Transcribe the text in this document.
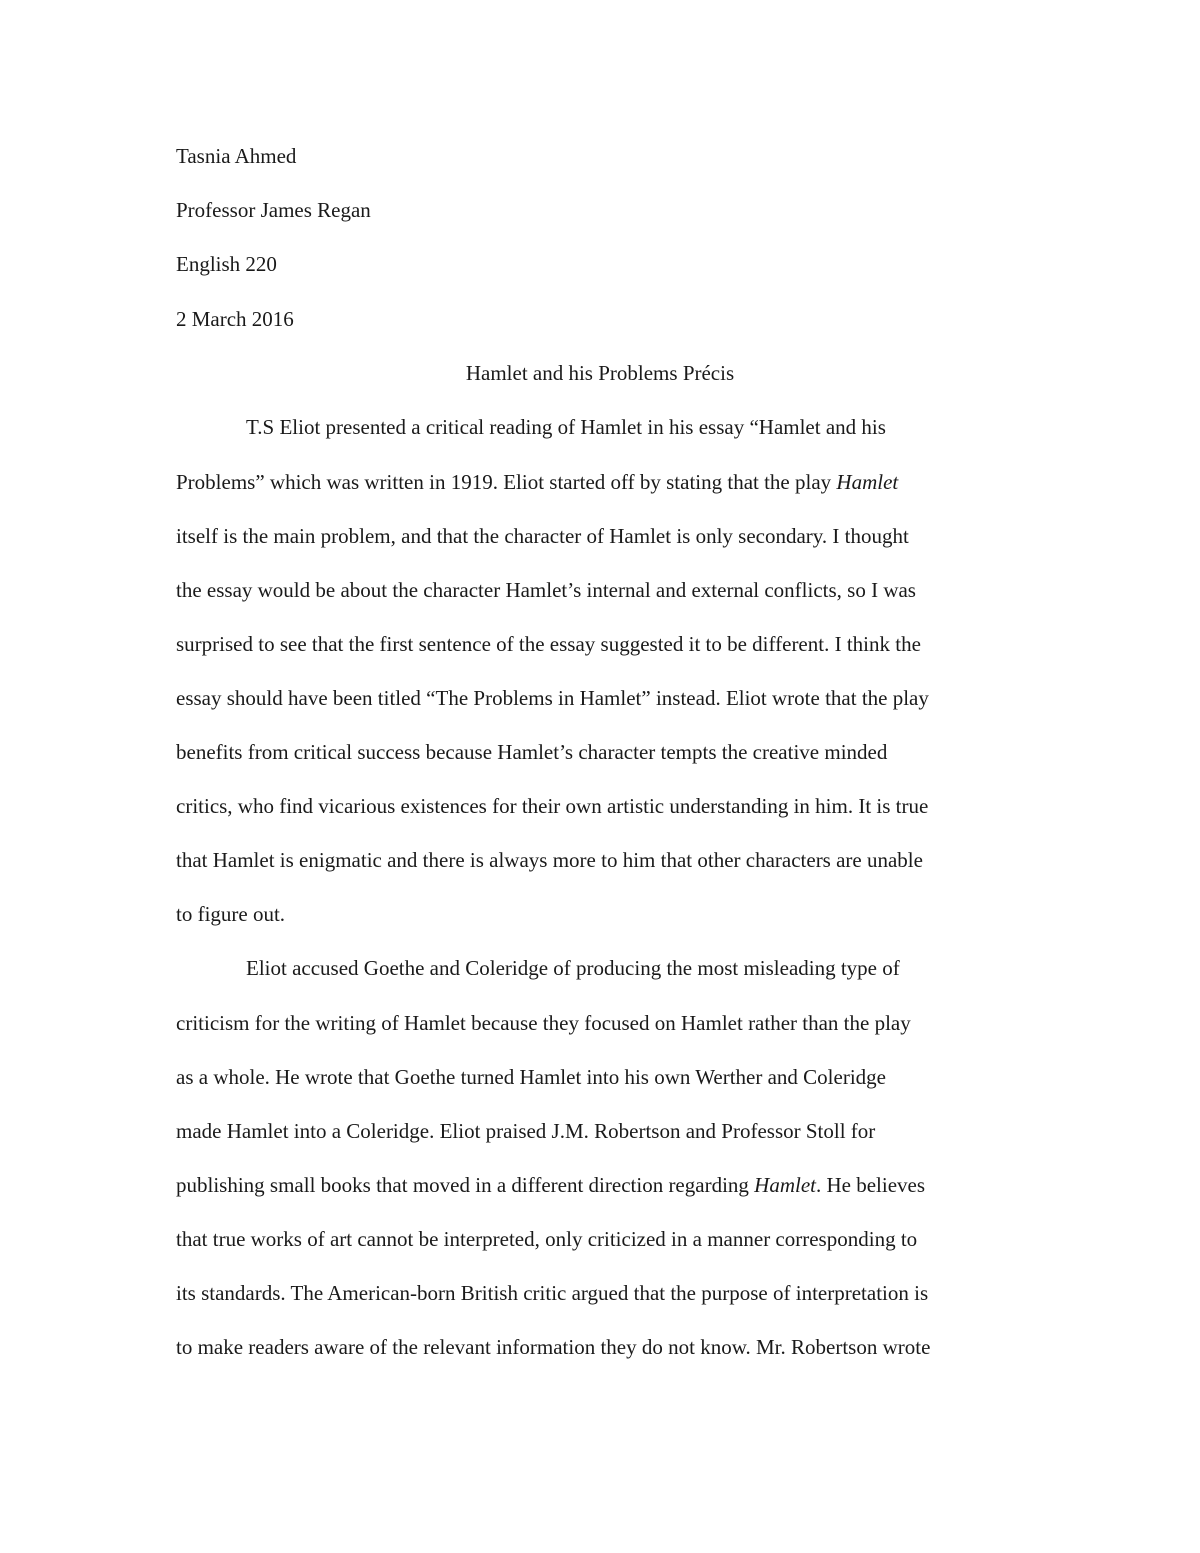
Tasnia Ahmed
Professor James Regan
English 220
2 March 2016
Hamlet and his Problems Précis
T.S Eliot presented a critical reading of Hamlet in his essay “Hamlet and his
Problems” which was written in 1919. Eliot started off by stating that the play Hamlet
itself is the main problem, and that the character of Hamlet is only secondary. I thought
the essay would be about the character Hamlet’s internal and external conflicts, so I was
surprised to see that the first sentence of the essay suggested it to be different. I think the
essay should have been titled “The Problems in Hamlet” instead. Eliot wrote that the play
benefits from critical success because Hamlet’s character tempts the creative minded
critics, who find vicarious existences for their own artistic understanding in him. It is true
that Hamlet is enigmatic and there is always more to him that other characters are unable
to figure out.
Eliot accused Goethe and Coleridge of producing the most misleading type of
criticism for the writing of Hamlet because they focused on Hamlet rather than the play
as a whole. He wrote that Goethe turned Hamlet into his own Werther and Coleridge
made Hamlet into a Coleridge. Eliot praised J.M. Robertson and Professor Stoll for
publishing small books that moved in a different direction regarding Hamlet. He believes
that true works of art cannot be interpreted, only criticized in a manner corresponding to
its standards. The American-born British critic argued that the purpose of interpretation is
to make readers aware of the relevant information they do not know. Mr. Robertson wrote
